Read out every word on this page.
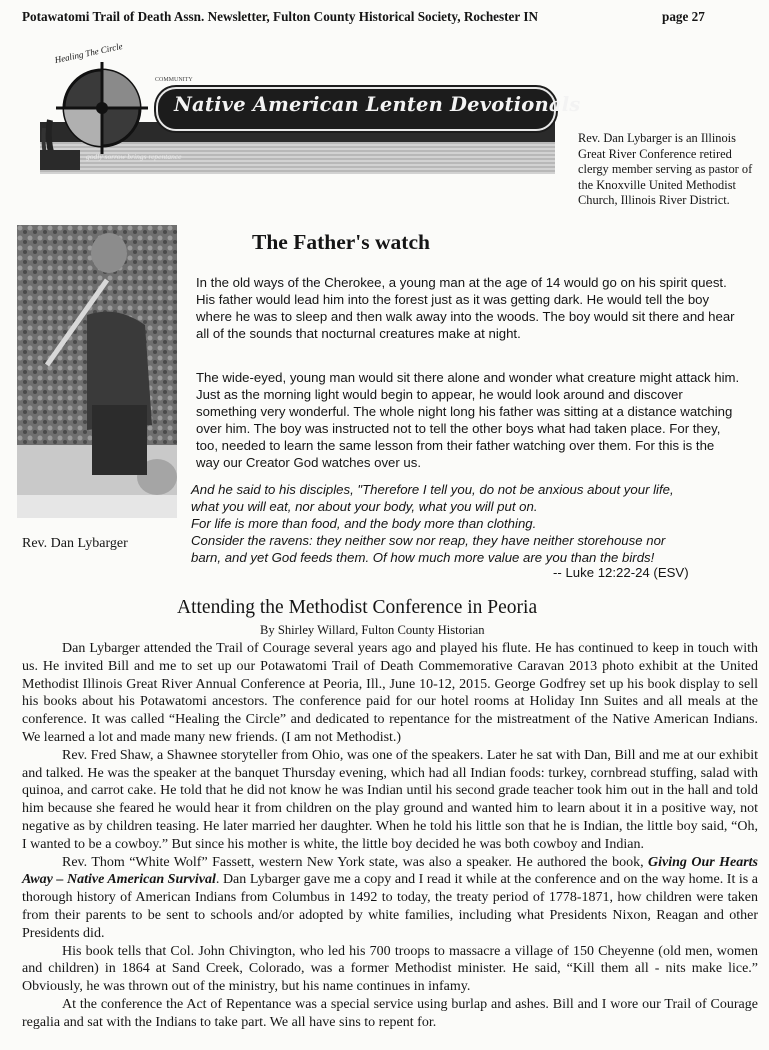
Potawatomi Trail of Death Assn. Newsletter, Fulton County Historical Society, Rochester IN	page 27
Native American Lenten Devotionals
COMMUNITY
Healing The Circle
godly sorrow brings repentance
Rev. Dan Lybarger is an Illinois Great River Conference retired clergy member serving as pastor of the Knoxville United Methodist Church, Illinois River District.
Rev. Dan Lybarger
The Father's watch
In the old ways of the Cherokee, a young man at the age of 14 would go on his spirit quest. His father would lead him into the forest just as it was getting dark. He would tell the boy where he was to sleep and then walk away into the woods. The boy would sit there and hear all of the sounds that nocturnal creatures make at night.
The wide-eyed, young man would sit there alone and wonder what creature might attack him. Just as the morning light would begin to appear, he would look around and discover something very wonderful. The whole night long his father was sitting at a distance watching over him. The boy was instructed not to tell the other boys what had taken place. For they, too, needed to learn the same lesson from their father watching over them. For this is the way our Creator God watches over us.
And he said to his disciples, "Therefore I tell you, do not be anxious about your life,
what you will eat, nor about your body, what you will put on.
For life is more than food, and the body more than clothing.
Consider the ravens: they neither sow nor reap, they have neither storehouse nor
barn, and yet God feeds them. Of how much more value are you than the birds!
-- Luke 12:22-24 (ESV)
Attending the Methodist Conference in Peoria
By Shirley Willard, Fulton County Historian

Dan Lybarger attended the Trail of Courage several years ago and played his flute. He has continued to keep in touch with us. He invited Bill and me to set up our Potawatomi Trail of Death Commemorative Caravan 2013 photo exhibit at the United Methodist Illinois Great River Annual Conference at Peoria, Ill., June 10-12, 2015. George Godfrey set up his book display to sell his books about his Potawatomi ancestors. The conference paid for our hotel rooms at Holiday Inn Suites and all meals at the conference. It was called “Healing the Circle” and dedicated to repentance for the mistreatment of the Native American Indians. We learned a lot and made many new friends. (I am not Methodist.)

Rev. Fred Shaw, a Shawnee storyteller from Ohio, was one of the speakers. Later he sat with Dan, Bill and me at our exhibit and talked. He was the speaker at the banquet Thursday evening, which had all Indian foods: turkey, cornbread stuffing, salad with quinoa, and carrot cake. He told that he did not know he was Indian until his second grade teacher took him out in the hall and told him because she feared he would hear it from children on the play ground and wanted him to learn about it in a positive way, not negative as by children teasing. He later married her daughter. When he told his little son that he is Indian, the little boy said, “Oh, I wanted to be a cowboy.” But since his mother is white, the little boy decided he was both cowboy and Indian.

Rev. Thom “White Wolf” Fassett, western New York state, was also a speaker. He authored the book, Giving Our Hearts Away – Native American Survival. Dan Lybarger gave me a copy and I read it while at the conference and on the way home. It is a thorough history of American Indians from Columbus in 1492 to today, the treaty period of 1778-1871, how children were taken from their parents to be sent to schools and/or adopted by white families, including what Presidents Nixon, Reagan and other Presidents did.

His book tells that Col. John Chivington, who led his 700 troops to massacre a village of 150 Cheyenne (old men, women and children) in 1864 at Sand Creek, Colorado, was a former Methodist minister. He said, “Kill them all - nits make lice.” Obviously, he was thrown out of the ministry, but his name continues in infamy.

At the conference the Act of Repentance was a special service using burlap and ashes. Bill and I wore our Trail of Courage regalia and sat with the Indians to take part. We all have sins to repent for.
